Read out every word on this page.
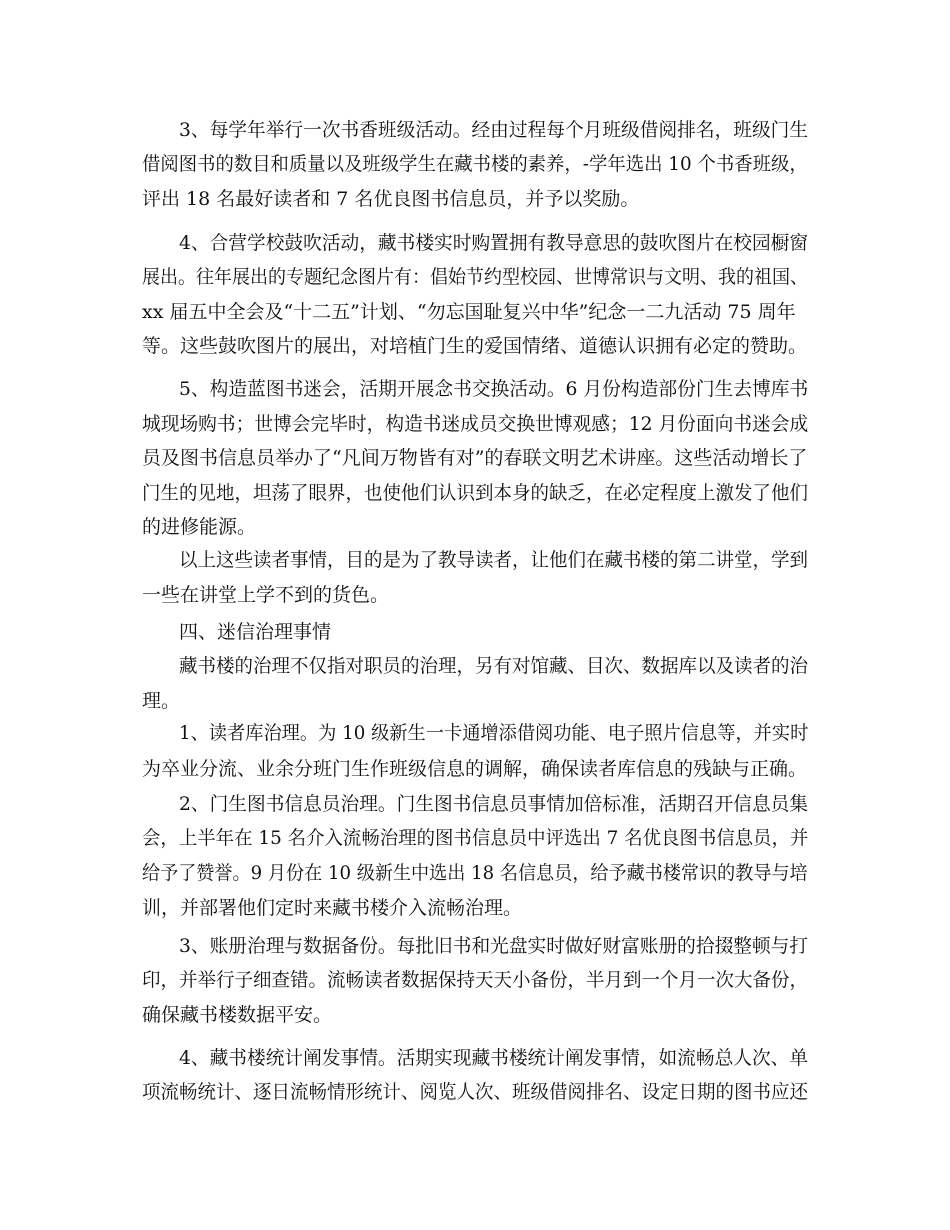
3、每学年举行一次书香班级活动。经由过程每个月班级借阅排名，班级门生
借阅图书的数目和质量以及班级学生在藏书楼的素养，-学年选出 10 个书香班级，
评出 18 名最好读者和 7 名优良图书信息员，并予以奖励。
4、合营学校鼓吹活动，藏书楼实时购置拥有教导意思的鼓吹图片在校园橱窗
展出。往年展出的专题纪念图片有：倡始节约型校园、世博常识与文明、我的祖国、
xx 届五中全会及“十二五”计划、“勿忘国耻复兴中华”纪念一二九活动 75 周年
等。这些鼓吹图片的展出，对培植门生的爱国情绪、道德认识拥有必定的赞助。
5、构造蓝图书迷会，活期开展念书交换活动。6 月份构造部份门生去博库书
城现场购书；世博会完毕时，构造书迷成员交换世博观感；12 月份面向书迷会成
员及图书信息员举办了“凡间万物皆有对”的春联文明艺术讲座。这些活动增长了
门生的见地，坦荡了眼界，也使他们认识到本身的缺乏，在必定程度上激发了他们
的进修能源。
以上这些读者事情，目的是为了教导读者，让他们在藏书楼的第二讲堂，学到
一些在讲堂上学不到的货色。
四、迷信治理事情
藏书楼的治理不仅指对职员的治理，另有对馆藏、目次、数据库以及读者的治
理。
1、读者库治理。为 10 级新生一卡通增添借阅功能、电子照片信息等，并实时
为卒业分流、业余分班门生作班级信息的调解，确保读者库信息的残缺与正确。
2、门生图书信息员治理。门生图书信息员事情加倍标准，活期召开信息员集
会，上半年在 15 名介入流畅治理的图书信息员中评选出 7 名优良图书信息员，并
给予了赞誉。9 月份在 10 级新生中选出 18 名信息员，给予藏书楼常识的教导与培
训，并部署他们定时来藏书楼介入流畅治理。
3、账册治理与数据备份。每批旧书和光盘实时做好财富账册的拾掇整顿与打
印，并举行子细查错。流畅读者数据保持天天小备份，半月到一个月一次大备份，
确保藏书楼数据平安。
4、藏书楼统计阐发事情。活期实现藏书楼统计阐发事情，如流畅总人次、单
项流畅统计、逐日流畅情形统计、阅览人次、班级借阅排名、设定日期的图书应还
